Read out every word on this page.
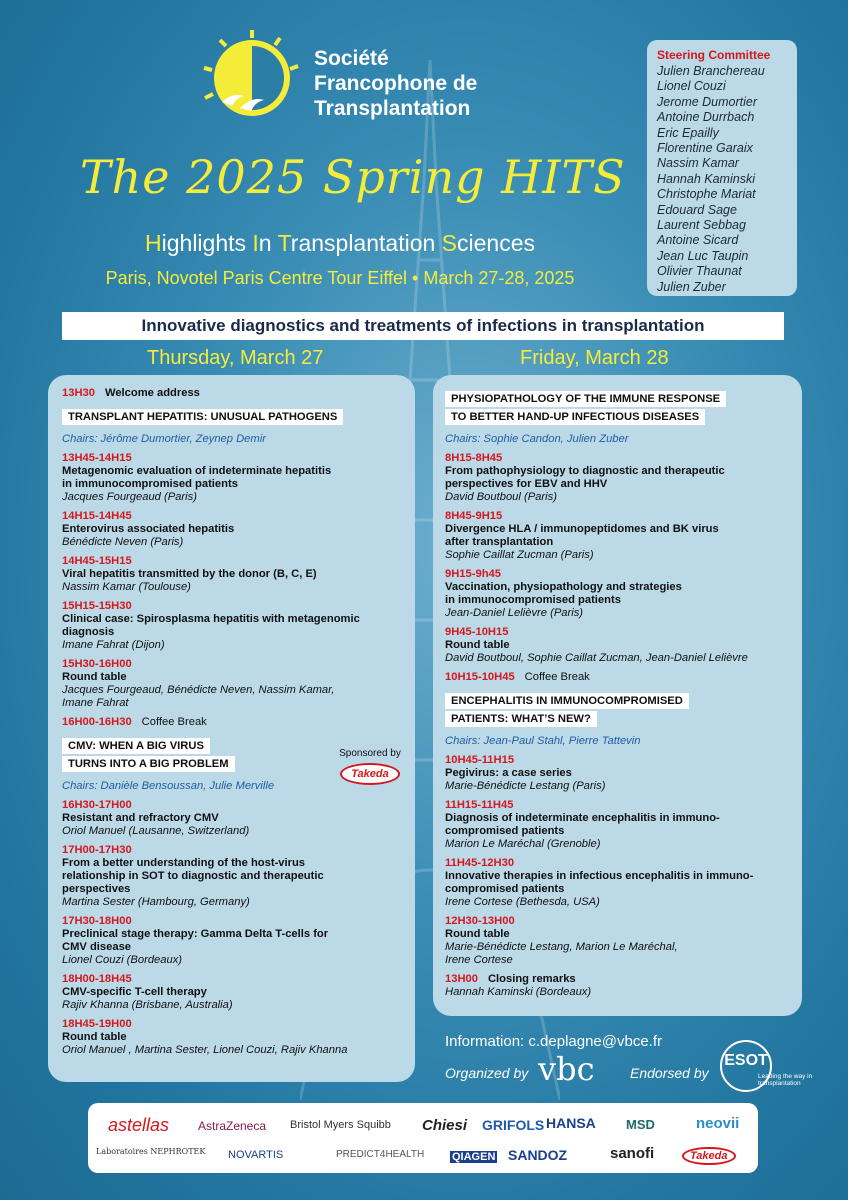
Société
Francophone de
Transplantation
The 2025 Spring HITS
Highlights In Transplantation Sciences
Paris, Novotel Paris Centre Tour Eiffel • March 27-28, 2025
Steering Committee
Julien Branchereau
Lionel Couzi
Jerome Dumortier
Antoine Durrbach
Eric Epailly
Florentine Garaix
Nassim Kamar
Hannah Kaminski
Christophe Mariat
Edouard Sage
Laurent Sebbag
Antoine Sicard
Jean Luc Taupin
Olivier Thaunat
Julien Zuber
Innovative diagnostics and treatments of infections in transplantation
Thursday, March 27	Friday, March 28
13H30 Welcome address
TRANSPLANT HEPATITIS: UNUSUAL PATHOGENS
Chairs: Jérôme Dumortier, Zeynep Demir
13H45-14H15
Metagenomic evaluation of indeterminate hepatitis
in immunocompromised patients
Jacques Fourgeaud (Paris)
14H15-14H45
Enterovirus associated hepatitis
Bénédicte Neven (Paris)
14H45-15H15
Viral hepatitis transmitted by the donor (B, C, E)
Nassim Kamar (Toulouse)
15H15-15H30
Clinical case: Spirosplasma hepatitis with metagenomic
diagnosis
Imane Fahrat (Dijon)
15H30-16H00
Round table
Jacques Fourgeaud, Bénédicte Neven, Nassim Kamar,
Imane Fahrat
16H00-16H30 Coffee Break
CMV: WHEN A BIG VIRUS
TURNS INTO A BIG PROBLEM
Chairs: Danièle Bensoussan, Julie Merville
16H30-17H00
Resistant and refractory CMV
Oriol Manuel (Lausanne, Switzerland)
17H00-17H30
From a better understanding of the host-virus
relationship in SOT to diagnostic and therapeutic
perspectives
Martina Sester (Hambourg, Germany)
17H30-18H00
Preclinical stage therapy: Gamma Delta T-cells for
CMV disease
Lionel Couzi (Bordeaux)
18H00-18H45
CMV-specific T-cell therapy
Rajiv Khanna (Brisbane, Australia)
18H45-19H00
Round table
Oriol Manuel , Martina Sester, Lionel Couzi, Rajiv Khanna
Sponsored by
Takeda
PHYSIOPATHOLOGY OF THE IMMUNE RESPONSE
TO BETTER HAND-UP INFECTIOUS DISEASES
Chairs: Sophie Candon, Julien Zuber
8H15-8H45
From pathophysiology to diagnostic and therapeutic
perspectives for EBV and HHV
David Boutboul (Paris)
8H45-9H15
Divergence HLA / immunopeptidomes and BK virus
after transplantation
Sophie Caillat Zucman (Paris)
9H15-9h45
Vaccination, physiopathology and strategies
in immunocompromised patients
Jean-Daniel Lelièvre (Paris)
9H45-10H15
Round table
David Boutboul, Sophie Caillat Zucman, Jean-Daniel Lelièvre
10H15-10H45 Coffee Break
ENCEPHALITIS IN IMMUNOCOMPROMISED
PATIENTS: WHAT’S NEW?
Chairs: Jean-Paul Stahl, Pierre Tattevin
10H45-11H15
Pegivirus: a case series
Marie-Bénédicte Lestang (Paris)
11H15-11H45
Diagnosis of indeterminate encephalitis in immuno-
compromised patients
Marion Le Maréchal (Grenoble)
11H45-12H30
Innovative therapies in infectious encephalitis in immuno-
compromised patients
Irene Cortese (Bethesda, USA)
12H30-13H00
Round table
Marie-Bénédicte Lestang, Marion Le Maréchal,
Irene Cortese
13H00 Closing remarks
Hannah Kaminski (Bordeaux)
Information: c.deplagne@vbce.fr
Organized by vbc	Endorsed by
ESOT
Leading the way in transplantation
astellas AstraZeneca Bristol Myers Squibb Chiesi GRIFOLS HANSA MSD	neovii
Laboratoires NEPHROTEK NOVARTIS	PREDICT4HEALTH	QIAGEN SANDOZ	sanofi	Takeda
